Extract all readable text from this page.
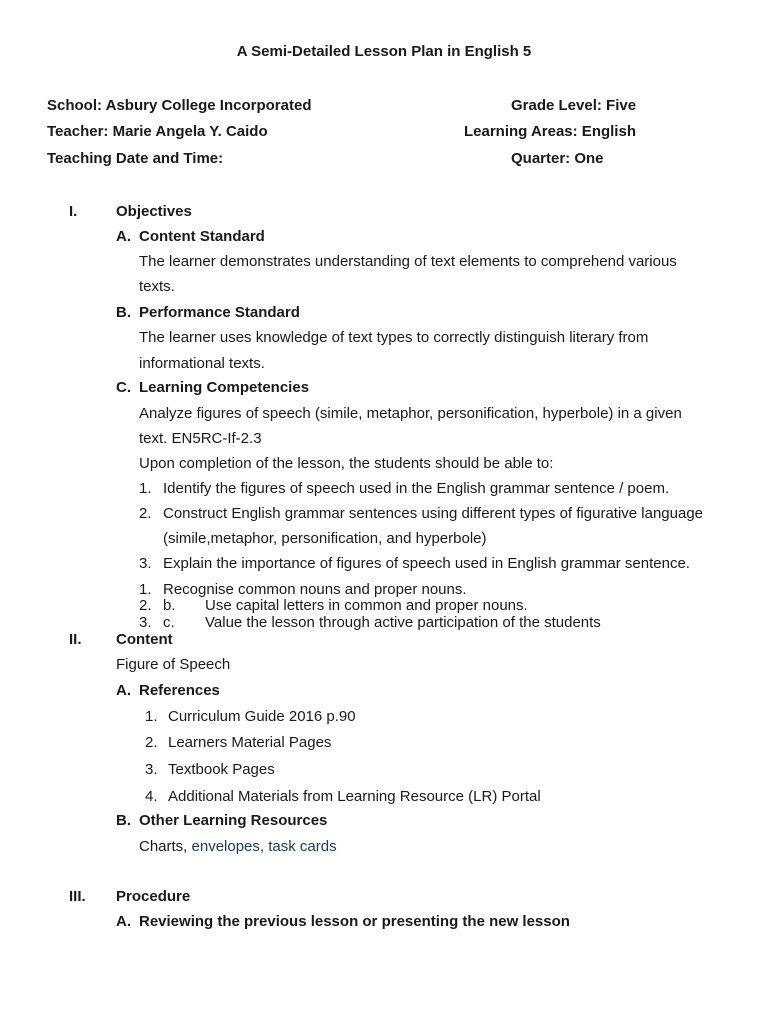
A Semi-Detailed Lesson Plan in English 5
School: Asbury College Incorporated	Grade Level: Five
Teacher: Marie Angela Y. Caido	Learning Areas: English
Teaching Date and Time:	Quarter: One
I.	Objectives
A. Content Standard
The learner demonstrates understanding of text elements to comprehend various
texts.
B. Performance Standard
The learner uses knowledge of text types to correctly distinguish literary from
informational texts.
C. Learning Competencies
Analyze figures of speech (simile, metaphor, personification, hyperbole) in a given
text. EN5RC-If-2.3
Upon completion of the lesson, the students should be able to:
1. Identify the figures of speech used in the English grammar sentence / poem.
2. Construct English grammar sentences using different types of figurative language
(simile,metaphor, personification, and hyperbole)
3. Explain the importance of figures of speech used in English grammar sentence.
1. Recognise common nouns and proper nouns.
2. b. Use capital letters in common and proper nouns.
3. c. Value the lesson through active participation of the students
II. Content
Figure of Speech
A. References
1. Curriculum Guide 2016 p.90
2. Learners Material Pages
3. Textbook Pages
4. Additional Materials from Learning Resource (LR) Portal
B. Other Learning Resources
Charts, envelopes, task cards
III. Procedure
A. Reviewing the previous lesson or presenting the new lesson
